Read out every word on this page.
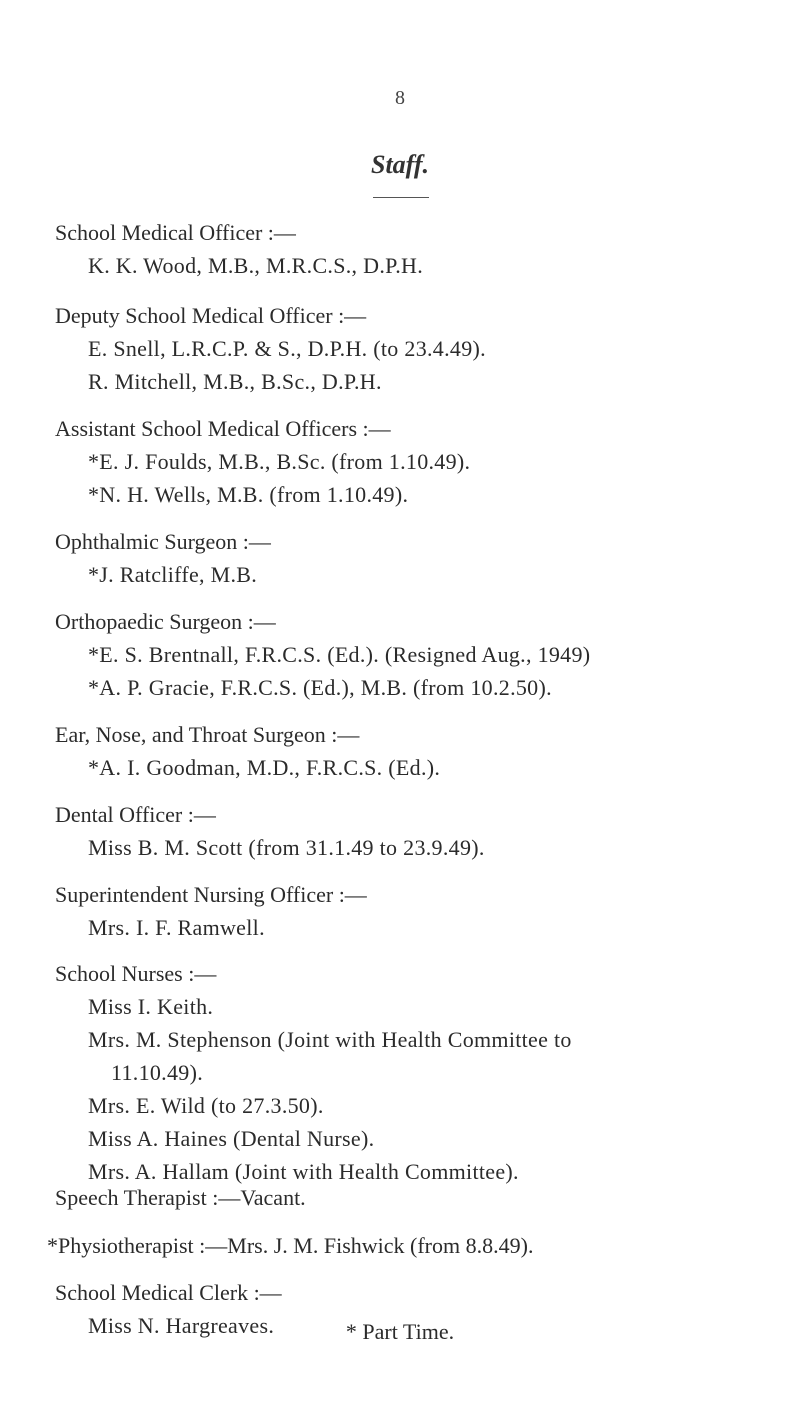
8
Staff.
School Medical Officer :—
K. K. Wood, M.B., M.R.C.S., D.P.H.
Deputy School Medical Officer :—
E. Snell, L.R.C.P. & S., D.P.H. (to 23.4.49).
R. Mitchell, M.B., B.Sc., D.P.H.
Assistant School Medical Officers :—
*E. J. Foulds, M.B., B.Sc. (from 1.10.49).
*N. H. Wells, M.B. (from 1.10.49).
Ophthalmic Surgeon :—
*J. Ratcliffe, M.B.
Orthopaedic Surgeon :—
*E. S. Brentnall, F.R.C.S. (Ed.). (Resigned Aug., 1949)
*A. P. Gracie, F.R.C.S. (Ed.), M.B. (from 10.2.50).
Ear, Nose, and Throat Surgeon :—
*A. I. Goodman, M.D., F.R.C.S. (Ed.).
Dental Officer :—
Miss B. M. Scott (from 31.1.49 to 23.9.49).
Superintendent Nursing Officer :—
Mrs. I. F. Ramwell.
School Nurses :—
Miss I. Keith.
Mrs. M. Stephenson (Joint with Health Committee to
11.10.49).
Mrs. E. Wild (to 27.3.50).
Miss A. Haines (Dental Nurse).
Mrs. A. Hallam (Joint with Health Committee).
Speech Therapist :—Vacant.
*Physiotherapist :—Mrs. J. M. Fishwick (from 8.8.49).
School Medical Clerk :—
Miss N. Hargreaves.	* Part Time.
